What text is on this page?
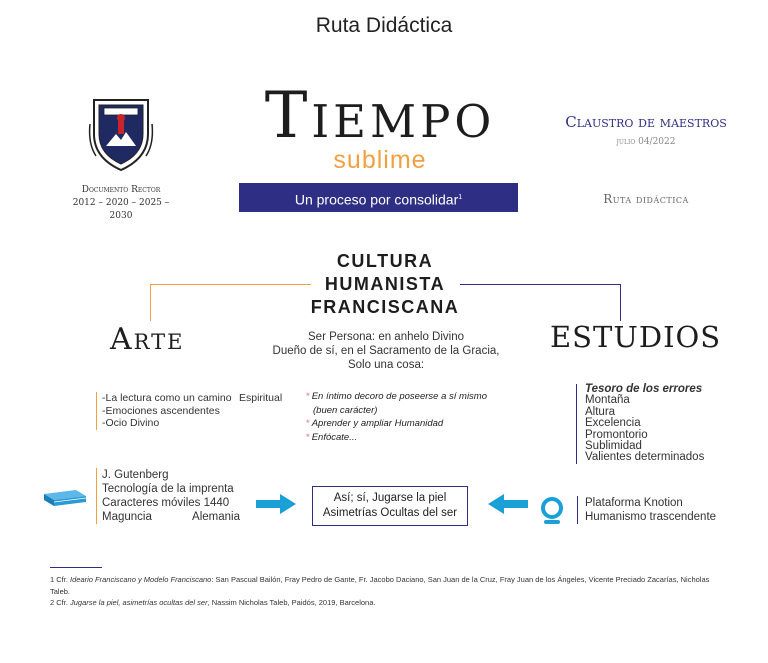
Ruta Didáctica
Documento Rector
2012 – 2020 – 2025 – 2030
Tiempo
sublime
Un proceso por consolidar$^1$
Claustro de maestros
julio 04/2022
Ruta didáctica
CULTURA
HUMANISTA
FRANCISCANA
Arte	ESTUDIOS
Ser Persona: en anhelo Divino
Dueño de sí, en el Sacramento de la Gracia,
Solo una cosa:
-La lectura como un camino
-Emociones ascendentes
-Ocio Divino
Espiritual	* En íntimo decoro de poseerse a sí mismo
(buen carácter)
* Aprender y ampliar Humanidad
* Enfócate...
Tesoro de los errores
Montaña
Altura
Excelencia
Promontorio
Sublimidad
Valientes determinados
J. Gutenberg
Tecnología de la imprenta
Caracteres móviles 1440
Maguncia	Alemania
Así; sí, Jugarse la piel
Asimetrías Ocultas del ser
Plataforma Knotion
Humanismo trascendente
1 Cfr. Ideario Franciscano y Modelo Franciscano: San Pascual Bailón, Fray Pedro de Gante, Fr. Jacobo Daciano, San Juan de la Cruz, Fray Juan de los Ángeles, Vicente Preciado Zacarías, Nicholas Taleb.
2 Cfr. Jugarse la piel, asimetrías ocultas del ser, Nassim Nicholas Taleb, Paidós, 2019, Barcelona.
